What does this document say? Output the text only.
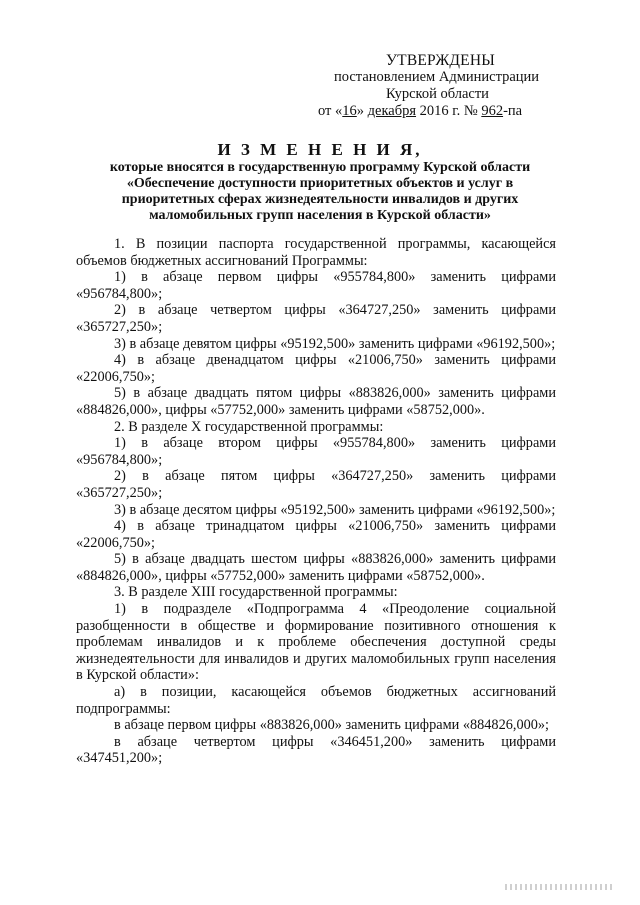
УТВЕРЖДЕНЫ
постановлением Администрации
Курской области
от «16» декабря 2016 г. № 962-па
И З М Е Н Е Н И Я,
которые вносятся в государственную программу Курской области
«Обеспечение доступности приоритетных объектов и услуг в
приоритетных сферах жизнедеятельности инвалидов и других
маломобильных групп населения в Курской области»

1. В позиции паспорта государственной программы, касающейся объемов бюджетных ассигнований Программы:

1) в абзаце первом цифры «955784,800» заменить цифрами «956784,800»;

2) в абзаце четвертом цифры «364727,250» заменить цифрами «365727,250»;

3) в абзаце девятом цифры «95192,500» заменить цифрами «96192,500»;

4) в абзаце двенадцатом цифры «21006,750» заменить цифрами «22006,750»;

5) в абзаце двадцать пятом цифры «883826,000» заменить цифрами «884826,000», цифры «57752,000» заменить цифрами «58752,000».

2. В разделе Х государственной программы:

1) в абзаце втором цифры «955784,800» заменить цифрами «956784,800»;

2) в абзаце пятом цифры «364727,250» заменить цифрами «365727,250»;

3) в абзаце десятом цифры «95192,500» заменить цифрами «96192,500»;

4) в абзаце тринадцатом цифры «21006,750» заменить цифрами «22006,750»;

5) в абзаце двадцать шестом цифры «883826,000» заменить цифрами «884826,000», цифры «57752,000» заменить цифрами «58752,000».

3. В разделе XIII государственной программы:

1) в подразделе «Подпрограмма 4 «Преодоление социальной разобщенности в обществе и формирование позитивного отношения к проблемам инвалидов и к проблеме обеспечения доступной среды жизнедеятельности для инвалидов и других маломобильных групп населения в Курской области»:

а) в позиции, касающейся объемов бюджетных ассигнований подпрограммы:

в абзаце первом цифры «883826,000» заменить цифрами «884826,000»;

в абзаце четвертом цифры «346451,200» заменить цифрами «347451,200»;
